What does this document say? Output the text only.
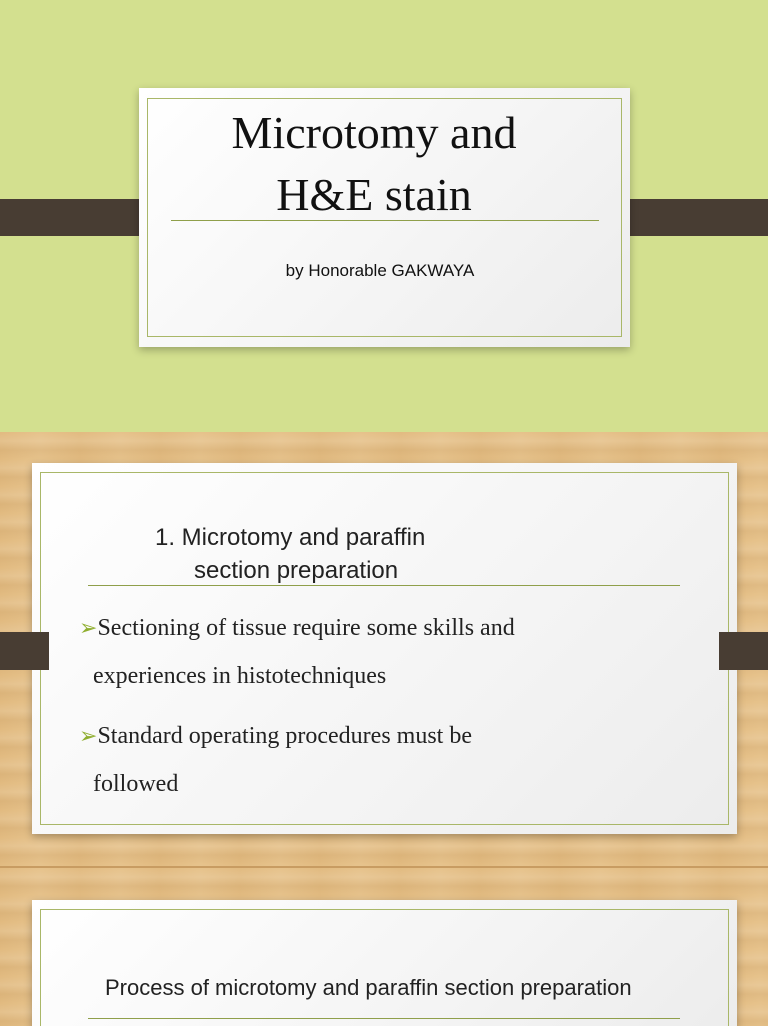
Microtomy and
H&E stain
by Honorable GAKWAYA
1. Microtomy and paraffin
section preparation
➢Sectioning of tissue require some skills and
experiences in histotechniques
➢Standard operating procedures must be
followed
Process of microtomy and paraffin section preparation
